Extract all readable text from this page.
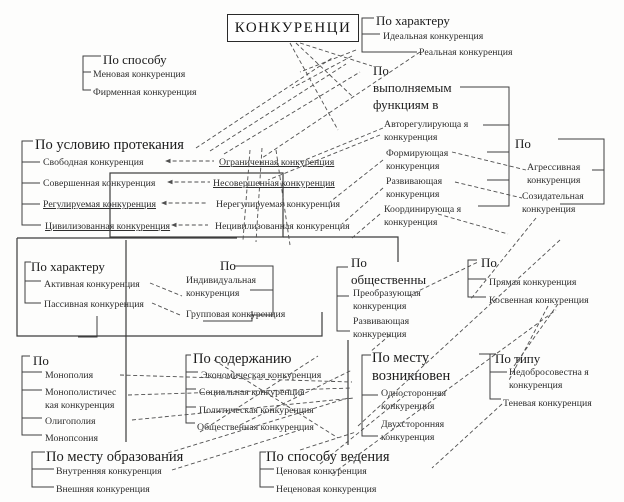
КОНКУРЕНЦИ По характеру
Идеальная конкуренция
Реальная конкуренция
По способу
Меновая конкуренция
Фирменная конкуренция
По выполняемым функциям в
Авторегулирующа я конкуренция
Формирующая конкуренция
Развивающая конкуренция
Координирующа я конкуренция
По
Агрессивная конкуренция
Созидательная конкуренция
По условию протекания
Свободная конкуренция
Совершенная конкуренция
Регулируемая конкуренция
Цивилизованная конкуренция
Ограниченная конкуренция
Несовершенная конкуренция
Нерегулируемая конкуренция
Нецивилизованная конкуренция
По характеру
Активная конкуренция
Пассивная конкуренция
По
Индивидуальная конкуренция
Групповая конкуренция
По общественны
Преобразующая конкуренция
Развивающая конкуренция
По
Прямая конкуренция
Косвенная конкуренция
По
Монополия
Монополистичес кая конкуренция
Олигополия
Монопсония
По содержанию
Экономическая конкуренция
Социальная конкуренция
Политическая конкуренция
Общественная конкуренция
По месту возникновен
Односторонняя конкуренция
Двухсторонняя конкуренция
По типу
Недобросовестна я конкуренция
Теневая конкуренция
По месту образования
Внутренняя конкуренция
Внешняя конкуренция
По способу ведения
Ценовая конкуренция
Неценовая конкуренция
